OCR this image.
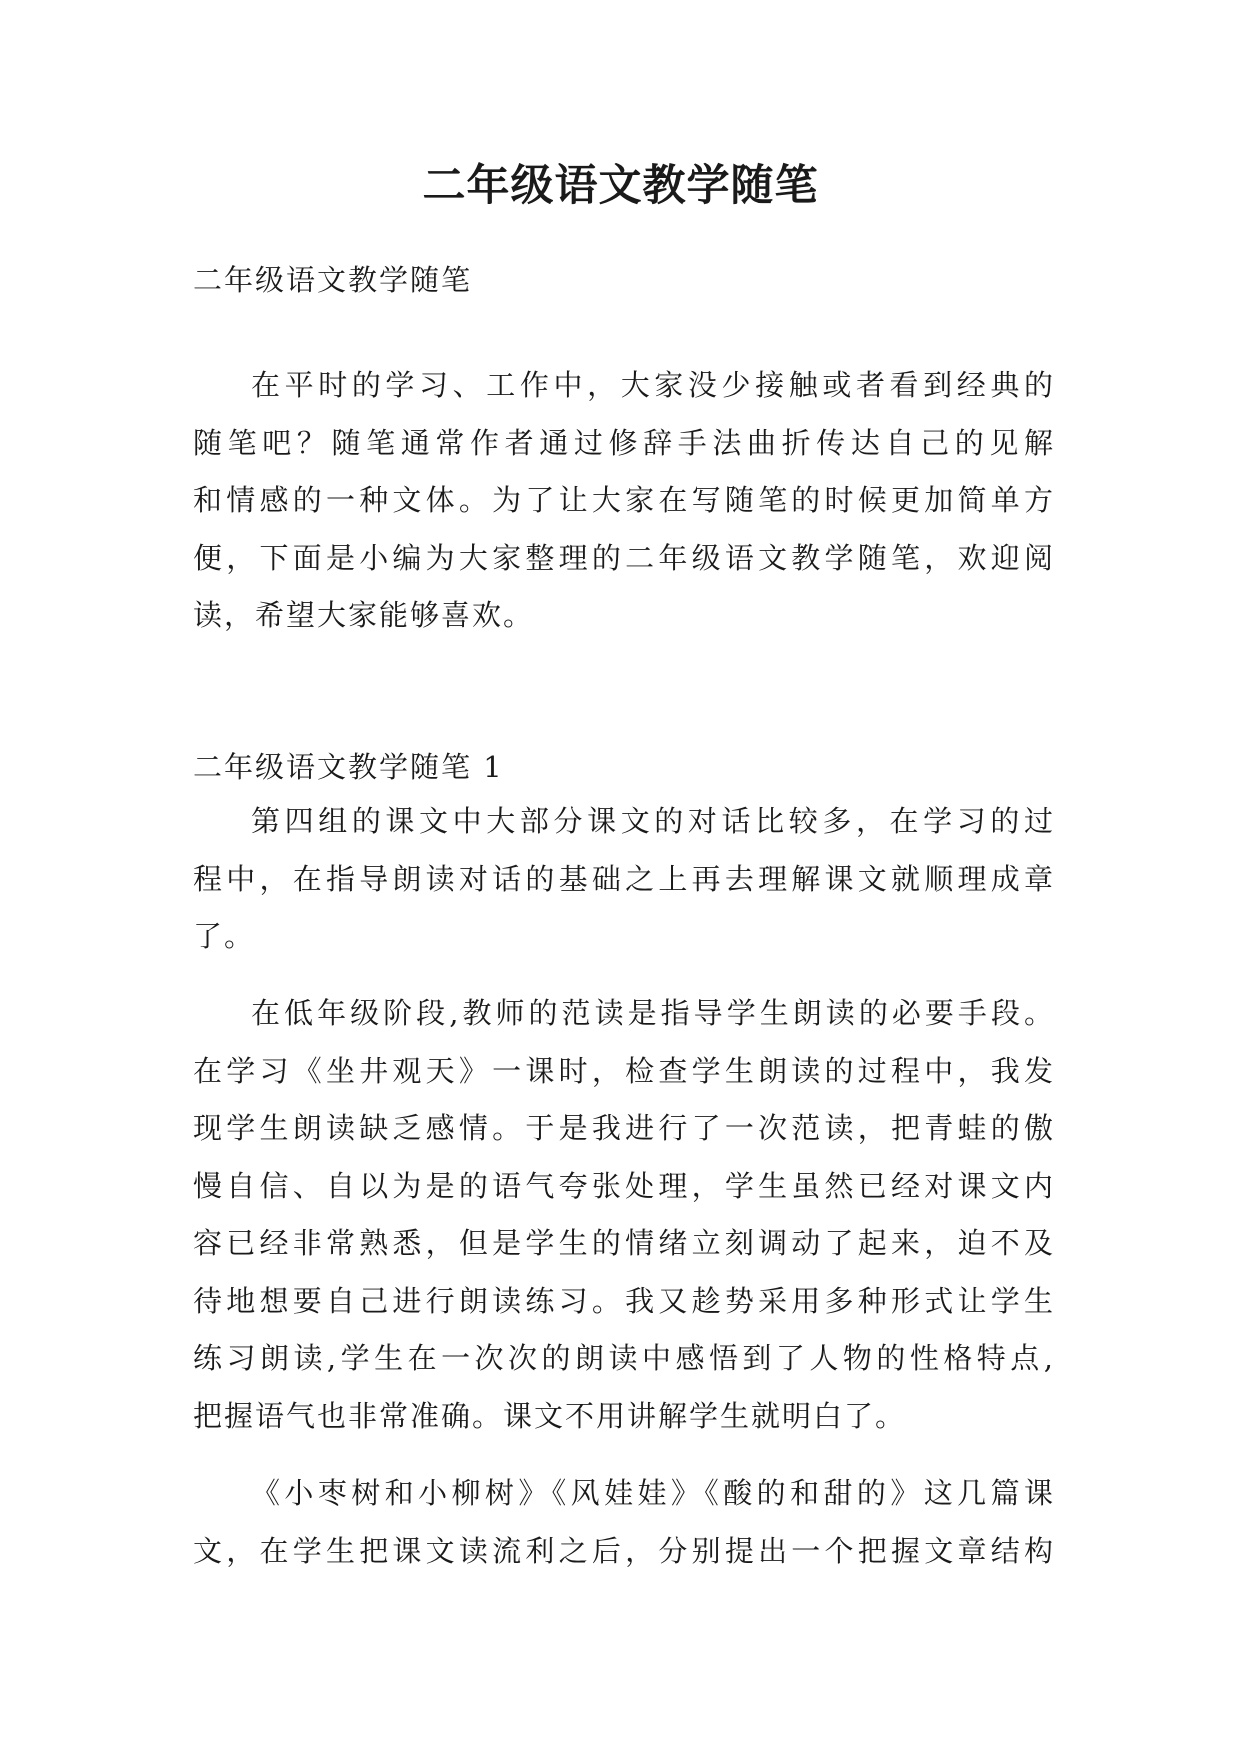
二年级语文教学随笔

二年级语文教学随笔

在平时的学习、工作中，大家没少接触或者看到经典的
随笔吧？随笔通常作者通过修辞手法曲折传达自己的见解
和情感的一种文体。为了让大家在写随笔的时候更加简单方
便，下面是小编为大家整理的二年级语文教学随笔，欢迎阅
读，希望大家能够喜欢。

二年级语文教学随笔 1

第四组的课文中大部分课文的对话比较多，在学习的过
程中，在指导朗读对话的基础之上再去理解课文就顺理成章
了。
在低年级阶段,教师的范读是指导学生朗读的必要手段。
在学习《坐井观天》一课时，检查学生朗读的过程中，我发
现学生朗读缺乏感情。于是我进行了一次范读，把青蛙的傲
慢自信、自以为是的语气夸张处理，学生虽然已经对课文内
容已经非常熟悉，但是学生的情绪立刻调动了起来，迫不及
待地想要自己进行朗读练习。我又趁势采用多种形式让学生
练习朗读,学生在一次次的朗读中感悟到了人物的性格特点,
把握语气也非常准确。课文不用讲解学生就明白了。
《小枣树和小柳树》《风娃娃》《酸的和甜的》这几篇课
文，在学生把课文读流利之后，分别提出一个把握文章结构
